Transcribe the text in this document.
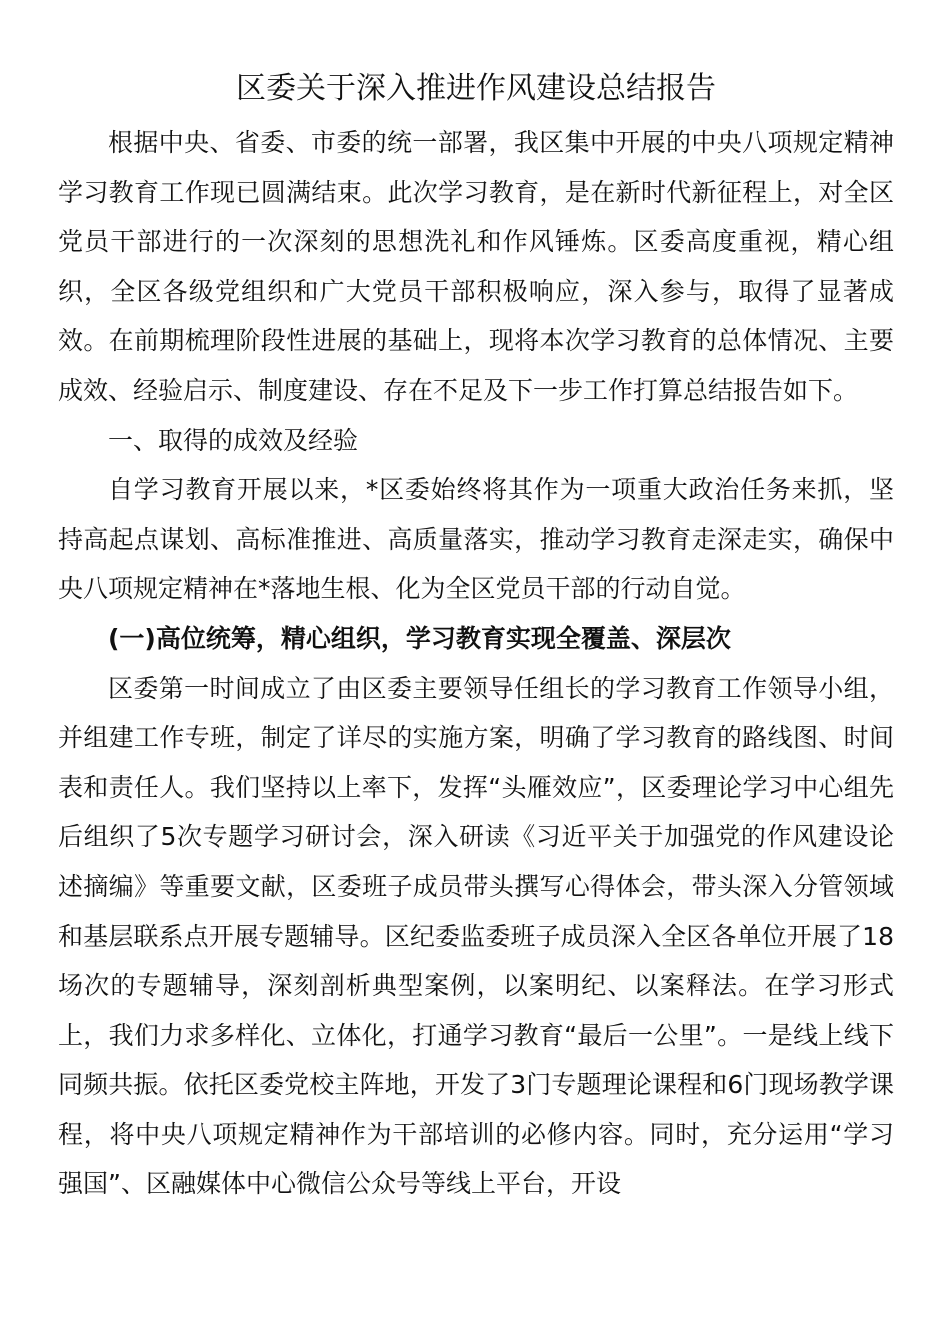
区委关于深入推进作风建设总结报告

根据中央、省委、市委的统一部署，我区集中开展的中央八项规定精神学习教育工作现已圆满结束。此次学习教育，是在新时代新征程上，对全区党员干部进行的一次深刻的思想洗礼和作风锤炼。区委高度重视，精心组织，全区各级党组织和广大党员干部积极响应，深入参与，取得了显著成效。在前期梳理阶段性进展的基础上，现将本次学习教育的总体情况、主要成效、经验启示、制度建设、存在不足及下一步工作打算总结报告如下。

一、取得的成效及经验

自学习教育开展以来，*区委始终将其作为一项重大政治任务来抓，坚持高起点谋划、高标准推进、高质量落实，推动学习教育走深走实，确保中央八项规定精神在*落地生根、化为全区党员干部的行动自觉。

(一)高位统筹，精心组织，学习教育实现全覆盖、深层次

区委第一时间成立了由区委主要领导任组长的学习教育工作领导小组，并组建工作专班，制定了详尽的实施方案，明确了学习教育的路线图、时间表和责任人。我们坚持以上率下，发挥“头雁效应”，区委理论学习中心组先后组织了5次专题学习研讨会，深入研读《习近平关于加强党的作风建设论述摘编》等重要文献，区委班子成员带头撰写心得体会，带头深入分管领域和基层联系点开展专题辅导。区纪委监委班子成员深入全区各单位开展了18场次的专题辅导，深刻剖析典型案例，以案明纪、以案释法。在学习形式上，我们力求多样化、立体化，打通学习教育“最后一公里”。一是线上线下同频共振。依托区委党校主阵地，开发了3门专题理论课程和6门现场教学课程，将中央八项规定精神作为干部培训的必修内容。同时，充分运用“学习强国”、区融媒体中心微信公众号等线上平台，开设
